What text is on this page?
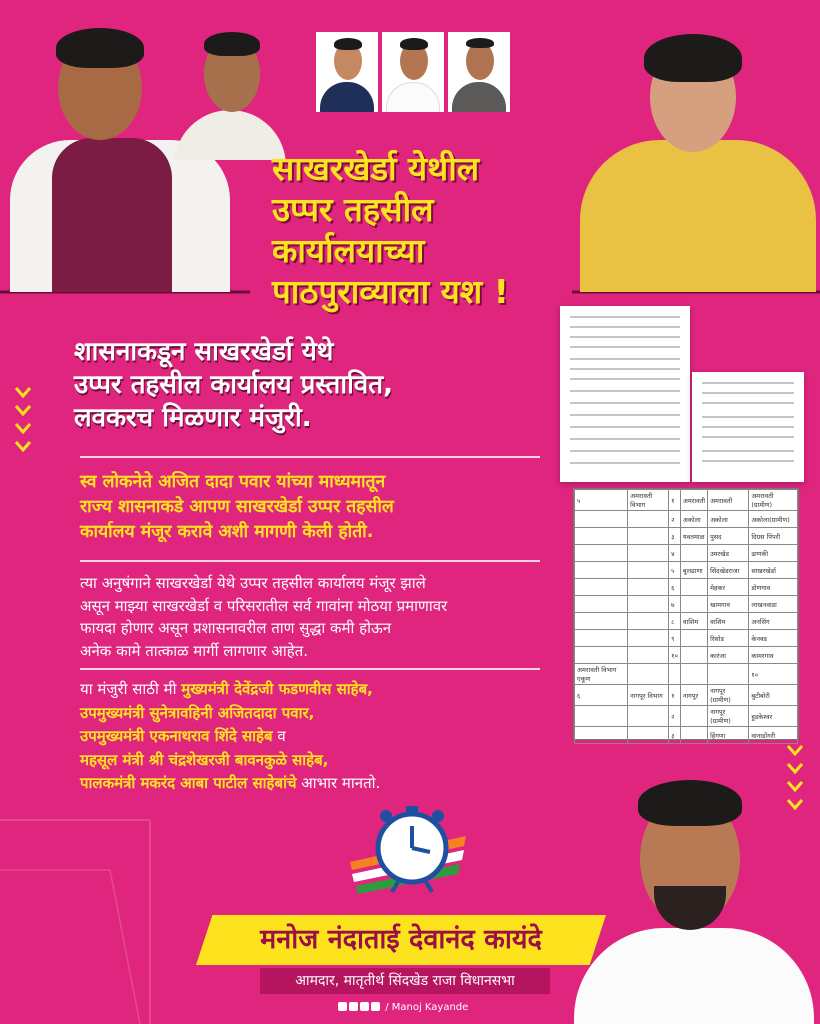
साखरखेर्डा येथील
उप्पर तहसील
कार्यालयाच्या
पाठपुराव्याला यश !
शासनाकडून साखरखेर्डा येथे
उप्पर तहसील कार्यालय प्रस्तावित,
लवकरच मिळणार मंजुरी.
स्व लोकनेते अजित दादा पवार यांच्या माध्यमातून
राज्य शासनाकडे आपण साखरखेर्डा उप्पर तहसील
कार्यालय मंजूर करावे अशी मागणी केली होती.
त्या अनुषंगाने साखरखेर्डा येथे उप्पर तहसील कार्यालय मंजूर झाले
असून माझ्या साखरखेर्डा व परिसरातील सर्व गावांना मोठया प्रमाणावर
फायदा होणार असून प्रशासनावरील ताण सुद्धा कमी होऊन
अनेक कामे तात्काळ मार्गी लागणार आहेत.
या मंजुरी साठी मी मुख्यमंत्री देवेंद्रजी फडणवीस साहेब,
उपमुख्यमंत्री सुनेत्रावहिनी अजितदादा पवार,
उपमुख्यमंत्री एकनाथराव शिंदे साहेब व
महसूल मंत्री श्री चंद्रशेखरजी बावनकुळे साहेब,
पालकमंत्री मकरंद आबा पाटील साहेबांचे आभार मानतो.
५	अमरावती विभाग	१	अमरावती	अमरावती	अमरावती (ग्रामीण)
		२	अकोला	अकोला	अकोला(ग्रामीण)
		३	यवतमाळ	पुसद	दिग्रस पिंपरी
		४		उमरखेड	ढाणकी
		५	बुलढाणा	सिंदखेडराजा	साखरखेर्डा
		६		मेहकर	डोणगाव
		७		खामगाव	लाखनवाडा
		८	वाशिम	वाशिम	अनसिंग
		९		रिसोड	केनवड
		१०		कारंजा	कामरगाव
अमरावती विभाग एकूण					१०
६	नागपूर विभाग	१	नागपूर	नागपूर (ग्रामीण)	बुटीबोरी
		२		नागपूर (ग्रामीण)	हुडकेश्वर
		३		हिंगणा	वानाडोंगरी
मनोज नंदाताई देवानंद कायंदे
आमदार, मातृतीर्थ सिंदखेड राजा विधानसभा
/ Manoj Kayande
